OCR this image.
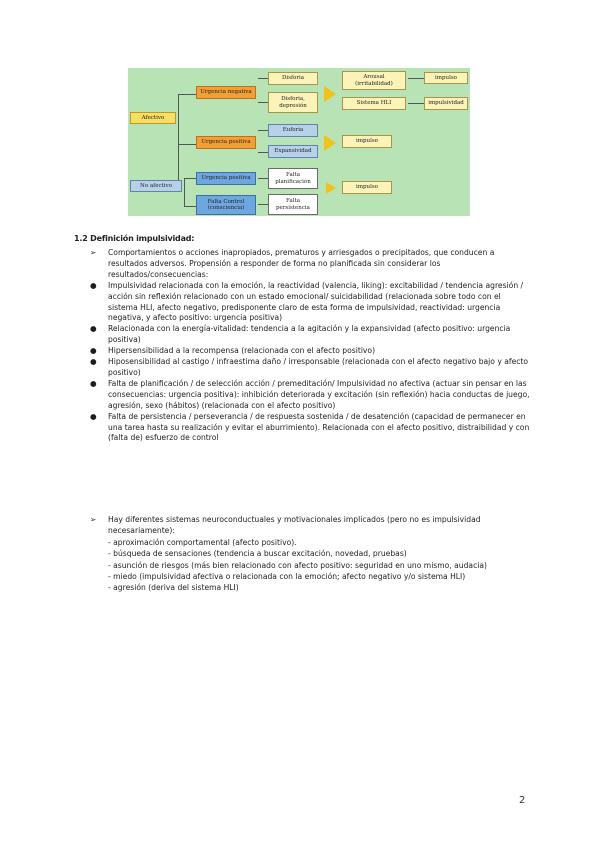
Afectivo
No afectivo
Urgencia negativa
Urgencia positiva
Urgencia positiva
Falta Control
(consciencia)
Disforia
Disforia,
depresión
Euforia
Expansividad
Falta
planificación
Falta
persistencia
Arousal
(irritabilidad)
Sistema HLI
impulso
impulso
impulso
impulsividad
1.2 Definición impulsividad:
➢	Comportamientos o acciones inapropiados, prematuros y arriesgados o precipitados, que conducen a resultados adversos. Propensión a responder de forma no planificada sin considerar los resultados/consecuencias:
●	Impulsividad relacionada con la emoción, la reactividad (valencia, liking): excitabilidad / tendencia agresión / acción sin reflexión relacionado con un estado emocional/ suicidabilidad (relacionada sobre todo con el sistema HLI, afecto negativo, predisponente claro de esta forma de impulsividad, reactividad: urgencia negativa, y afecto positivo: urgencia positiva)
●	Relacionada con la energía-vitalidad: tendencia a la agitación y la expansividad (afecto positivo: urgencia positiva)
●	Hipersensibilidad a la recompensa (relacionada con el afecto positivo)
●	Hiposensibilidad al castigo / infraestima daño / irresponsable (relacionada con el afecto negativo bajo y afecto positivo)
●	Falta de planificación / de selección acción / premeditación/ Impulsividad no afectiva (actuar sin pensar en las consecuencias: urgencia positiva): inhibición deteriorada y excitación (sin reflexión) hacia conductas de juego, agresión, sexo (hábitos) (relacionada con el afecto positivo)
●	Falta de persistencia / perseverancia / de respuesta sostenida / de desatención (capacidad de permanecer en una tarea hasta su realización y evitar el aburrimiento). Relacionada con el afecto positivo, distraibilidad y con (falta de) esfuerzo de control
➢ Hay diferentes sistemas neuroconductuales y motivacionales implicados (pero no es impulsividad necesariamente):
- aproximación comportamental (afecto positivo).
- búsqueda de sensaciones (tendencia a buscar excitación, novedad, pruebas)
- asunción de riesgos (más bien relacionado con afecto positivo: seguridad en uno mismo, audacia)
- miedo (impulsividad afectiva o relacionada con la emoción; afecto negativo y/o sistema HLI)
- agresión (deriva del sistema HLI)
2
